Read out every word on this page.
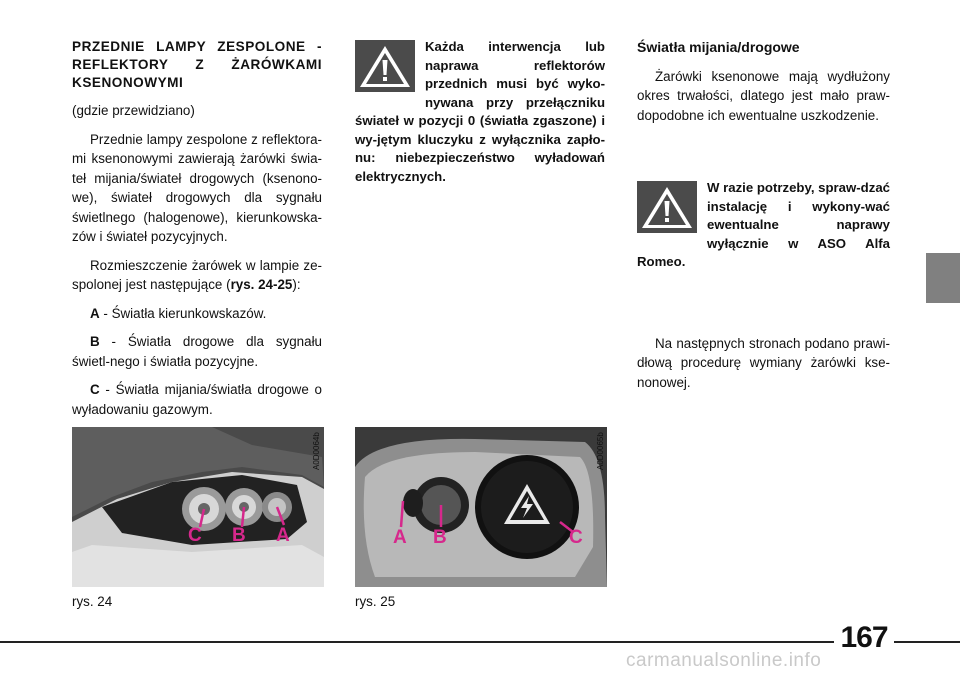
PRZEDNIE LAMPY ZESPOLONE - REFLEKTORY Z ŻARÓWKAMI KSENONOWYMI

(gdzie przewidziano)

Przednie lampy zespolone z reflektora-mi ksenonowymi zawierają żarówki świa-teł mijania/świateł drogowych (ksenono-we), świateł drogowych dla sygnału świetlnego (halogenowe), kierunkowska-zów i świateł pozycyjnych.

Rozmieszczenie żarówek w lampie ze-spolonej jest następujące (rys. 24-25):

A - Światła kierunkowskazów.

B - Światła drogowe dla sygnału świetl-nego i światła pozycyjne.

C - Światła mijania/światła drogowe o wyładowaniu gazowym.

Każda interwencja lub naprawa reflektorów przednich musi być wyko-nywana przy przełączniku świateł w pozycji 0 (światła zgaszone) i wy-jętym kluczyku z wyłącznika zapło-nu: niebezpieczeństwo wyładowań elektrycznych.

Światła mijania/drogowe

Żarówki ksenonowe mają wydłużony okres trwałości, dlatego jest mało praw-dopodobne ich ewentualne uszkodzenie.

W razie potrzeby, spraw-dzać instalację i wykony-wać ewentualne naprawy wyłącznie w ASO Alfa Romeo.

Na następnych stronach podano prawi-dłową procedurę wymiany żarówki kse-nonowej.

C B A
A0D0064b
rys. 24
A B	C
A0D0065b
rys. 25
167
carmanualsonline.info
